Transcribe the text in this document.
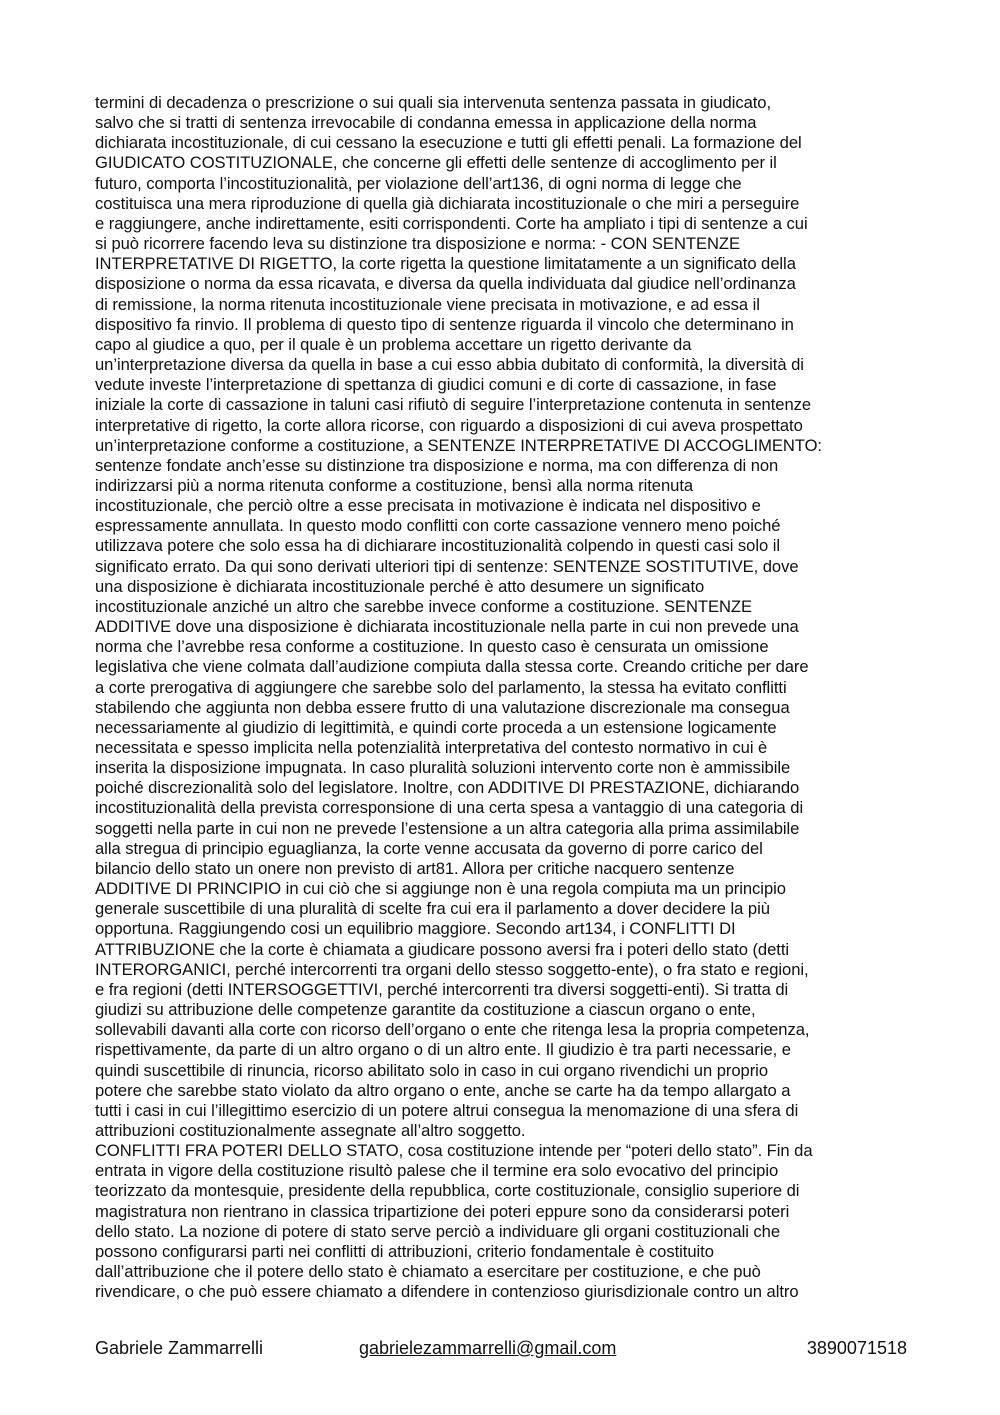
termini di decadenza o prescrizione o sui quali sia intervenuta sentenza passata in giudicato,
salvo che si tratti di sentenza irrevocabile di condanna emessa in applicazione della norma
dichiarata incostituzionale, di cui cessano la esecuzione e tutti gli effetti penali. La formazione del
GIUDICATO COSTITUZIONALE, che concerne gli effetti delle sentenze di accoglimento per il
futuro, comporta l’incostituzionalità, per violazione dell’art136, di ogni norma di legge che
costituisca una mera riproduzione di quella già dichiarata incostituzionale o che miri a perseguire
e raggiungere, anche indirettamente, esiti corrispondenti. Corte ha ampliato i tipi di sentenze a cui
si può ricorrere facendo leva su distinzione tra disposizione e norma: - CON SENTENZE
INTERPRETATIVE DI RIGETTO, la corte rigetta la questione limitatamente a un significato della
disposizione o norma da essa ricavata, e diversa da quella individuata dal giudice nell’ordinanza
di remissione, la norma ritenuta incostituzionale viene precisata in motivazione, e ad essa il
dispositivo fa rinvio. Il problema di questo tipo di sentenze riguarda il vincolo che determinano in
capo al giudice a quo, per il quale è un problema accettare un rigetto derivante da
un’interpretazione diversa da quella in base a cui esso abbia dubitato di conformità, la diversità di
vedute investe l’interpretazione di spettanza di giudici comuni e di corte di cassazione, in fase
iniziale la corte di cassazione in taluni casi rifiutò di seguire l’interpretazione contenuta in sentenze
interpretative di rigetto, la corte allora ricorse, con riguardo a disposizioni di cui aveva prospettato
un’interpretazione conforme a costituzione, a SENTENZE INTERPRETATIVE DI ACCOGLIMENTO:
sentenze fondate anch’esse su distinzione tra disposizione e norma, ma con differenza di non
indirizzarsi più a norma ritenuta conforme a costituzione, bensì alla norma ritenuta
incostituzionale, che perciò oltre a esse precisata in motivazione è indicata nel dispositivo e
espressamente annullata. In questo modo conflitti con corte cassazione vennero meno poiché
utilizzava potere che solo essa ha di dichiarare incostituzionalità colpendo in questi casi solo il
significato errato. Da qui sono derivati ulteriori tipi di sentenze: SENTENZE SOSTITUTIVE, dove
una disposizione è dichiarata incostituzionale perché è atto desumere un significato
incostituzionale anziché un altro che sarebbe invece conforme a costituzione. SENTENZE
ADDITIVE dove una disposizione è dichiarata incostituzionale nella parte in cui non prevede una
norma che l’avrebbe resa conforme a costituzione. In questo caso è censurata un omissione
legislativa che viene colmata dall’audizione compiuta dalla stessa corte. Creando critiche per dare
a corte prerogativa di aggiungere che sarebbe solo del parlamento, la stessa ha evitato conflitti
stabilendo che aggiunta non debba essere frutto di una valutazione discrezionale ma consegua
necessariamente al giudizio di legittimità, e quindi corte proceda a un estensione logicamente
necessitata e spesso implicita nella potenzialità interpretativa del contesto normativo in cui è
inserita la disposizione impugnata. In caso pluralità soluzioni intervento corte non è ammissibile
poiché discrezionalità solo del legislatore. Inoltre, con ADDITIVE DI PRESTAZIONE, dichiarando
incostituzionalità della prevista corresponsione di una certa spesa a vantaggio di una categoria di
soggetti nella parte in cui non ne prevede l’estensione a un altra categoria alla prima assimilabile
alla stregua di principio eguaglianza, la corte venne accusata da governo di porre carico del
bilancio dello stato un onere non previsto di art81. Allora per critiche nacquero sentenze
ADDITIVE DI PRINCIPIO in cui ciò che si aggiunge non è una regola compiuta ma un principio
generale suscettibile di una pluralità di scelte fra cui era il parlamento a dover decidere la più
opportuna. Raggiungendo cosi un equilibrio maggiore. Secondo art134, i CONFLITTI DI
ATTRIBUZIONE che la corte è chiamata a giudicare possono aversi fra i poteri dello stato (detti
INTERORGANICI, perché intercorrenti tra organi dello stesso soggetto-ente), o fra stato e regioni,
e fra regioni (detti INTERSOGGETTIVI, perché intercorrenti tra diversi soggetti-enti). Si tratta di
giudizi su attribuzione delle competenze garantite da costituzione a ciascun organo o ente,
sollevabili davanti alla corte con ricorso dell’organo o ente che ritenga lesa la propria competenza,
rispettivamente, da parte di un altro organo o di un altro ente. Il giudizio è tra parti necessarie, e
quindi suscettibile di rinuncia, ricorso abilitato solo in caso in cui organo rivendichi un proprio
potere che sarebbe stato violato da altro organo o ente, anche se carte ha da tempo allargato a
tutti i casi in cui l’illegittimo esercizio di un potere altrui consegua la menomazione di una sfera di
attribuzioni costituzionalmente assegnate all’altro soggetto.

CONFLITTI FRA POTERI DELLO STATO, cosa costituzione intende per “poteri dello stato”. Fin da
entrata in vigore della costituzione risultò palese che il termine era solo evocativo del principio
teorizzato da montesquie, presidente della repubblica, corte costituzionale, consiglio superiore di
magistratura non rientrano in classica tripartizione dei poteri eppure sono da considerarsi poteri
dello stato. La nozione di potere di stato serve perciò a individuare gli organi costituzionali che
possono configurarsi parti nei conflitti di attribuzioni, criterio fondamentale è costituito
dall’attribuzione che il potere dello stato è chiamato a esercitare per costituzione, e che può
rivendicare, o che può essere chiamato a difendere in contenzioso giurisdizionale contro un altro

Gabriele Zammarrelli	gabrielezammarrelli@gmail.com	3890071518
